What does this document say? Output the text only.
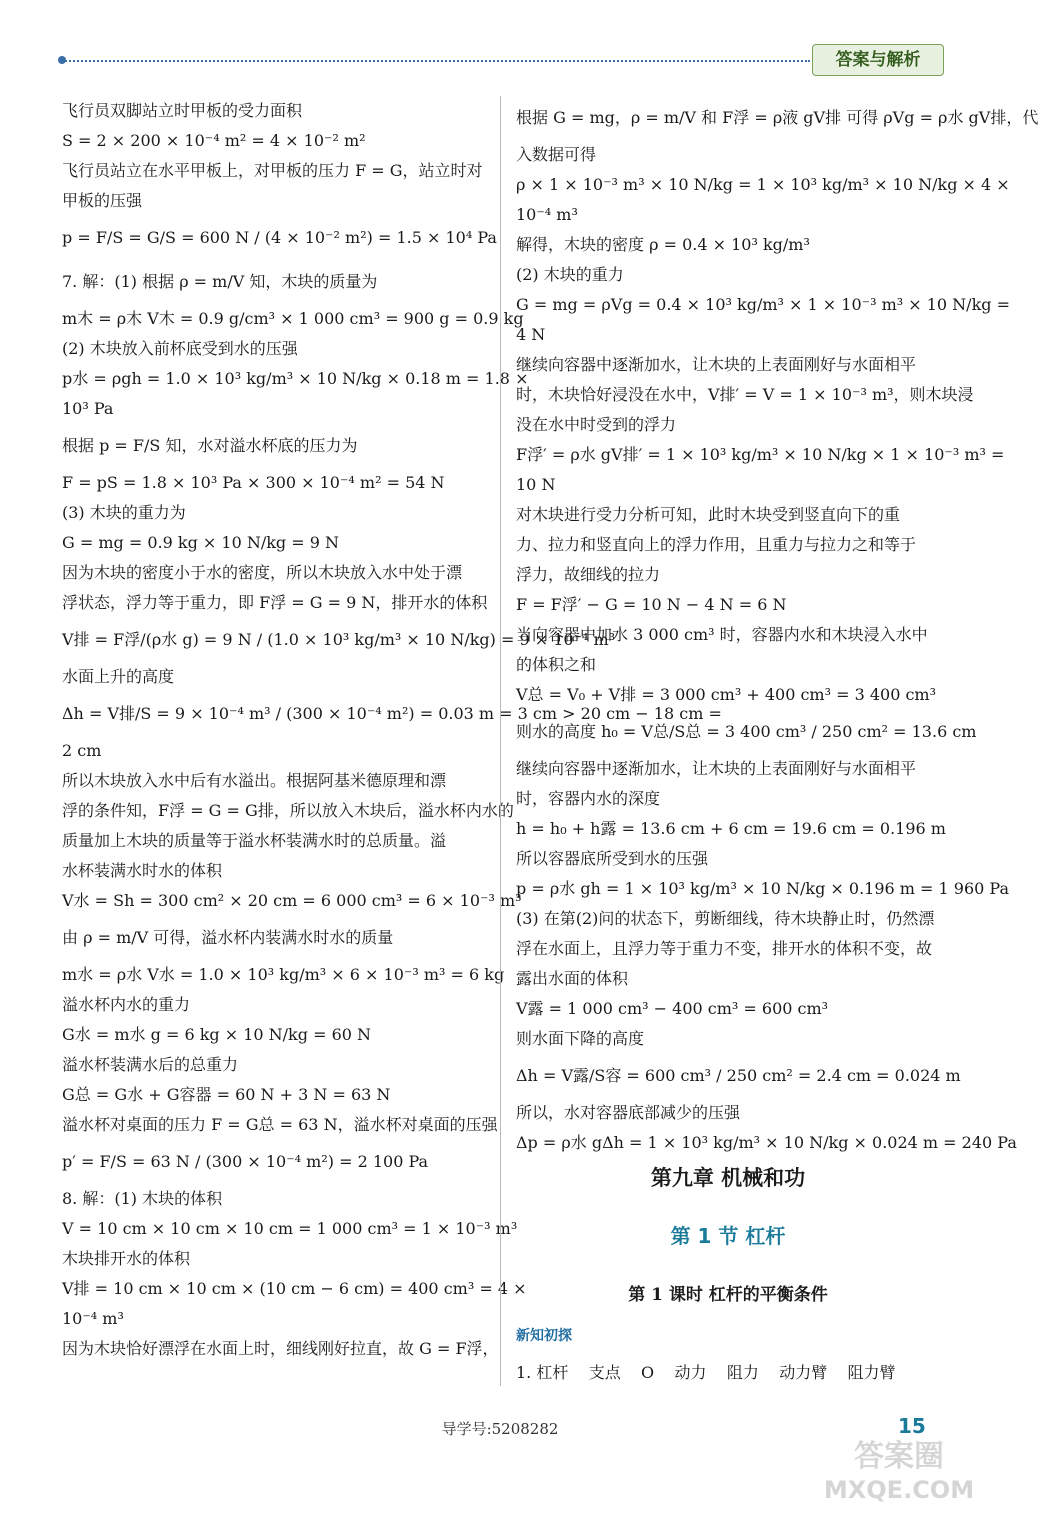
答案与解析
飞行员双脚站立时甲板的受力面积
S = 2 × 200 × 10⁻⁴ m² = 4 × 10⁻² m²
飞行员站立在水平甲板上，对甲板的压力 F = G，站立时对
甲板的压强
p = F/S = G/S = 600 N / (4 × 10⁻² m²) = 1.5 × 10⁴ Pa
7. 解：(1) 根据 ρ = m/V 知，木块的质量为
m木 = ρ木 V木 = 0.9 g/cm³ × 1 000 cm³ = 900 g = 0.9 kg
(2) 木块放入前杯底受到水的压强
p水 = ρgh = 1.0 × 10³ kg/m³ × 10 N/kg × 0.18 m = 1.8 ×
10³ Pa
根据 p = F/S 知，水对溢水杯底的压力为
F = pS = 1.8 × 10³ Pa × 300 × 10⁻⁴ m² = 54 N
(3) 木块的重力为
G = mg = 0.9 kg × 10 N/kg = 9 N
因为木块的密度小于水的密度，所以木块放入水中处于漂
浮状态，浮力等于重力，即 F浮 = G = 9 N，排开水的体积
V排 = F浮/(ρ水 g) = 9 N / (1.0 × 10³ kg/m³ × 10 N/kg) = 9 × 10⁻⁴ m³
水面上升的高度
Δh = V排/S = 9 × 10⁻⁴ m³ / (300 × 10⁻⁴ m²) = 0.03 m = 3 cm > 20 cm − 18 cm =
2 cm
所以木块放入水中后有水溢出。根据阿基米德原理和漂
浮的条件知，F浮 = G = G排，所以放入木块后，溢水杯内水的
质量加上木块的质量等于溢水杯装满水时的总质量。溢
水杯装满水时水的体积
V水 = Sh = 300 cm² × 20 cm = 6 000 cm³ = 6 × 10⁻³ m³
由 ρ = m/V 可得，溢水杯内装满水时水的质量
m水 = ρ水 V水 = 1.0 × 10³ kg/m³ × 6 × 10⁻³ m³ = 6 kg
溢水杯内水的重力
G水 = m水 g = 6 kg × 10 N/kg = 60 N
溢水杯装满水后的总重力
G总 = G水 + G容器 = 60 N + 3 N = 63 N
溢水杯对桌面的压力 F = G总 = 63 N，溢水杯对桌面的压强
p′ = F/S = 63 N / (300 × 10⁻⁴ m²) = 2 100 Pa
8. 解：(1) 木块的体积
V = 10 cm × 10 cm × 10 cm = 1 000 cm³ = 1 × 10⁻³ m³
木块排开水的体积
V排 = 10 cm × 10 cm × (10 cm − 6 cm) = 400 cm³ = 4 ×
10⁻⁴ m³
因为木块恰好漂浮在水面上时，细线刚好拉直，故 G = F浮，
根据 G = mg，ρ = m/V 和 F浮 = ρ液 gV排 可得 ρVg = ρ水 gV排，代
入数据可得
ρ × 1 × 10⁻³ m³ × 10 N/kg = 1 × 10³ kg/m³ × 10 N/kg × 4 ×
10⁻⁴ m³
解得，木块的密度 ρ = 0.4 × 10³ kg/m³
(2) 木块的重力
G = mg = ρVg = 0.4 × 10³ kg/m³ × 1 × 10⁻³ m³ × 10 N/kg =
4 N
继续向容器中逐渐加水，让木块的上表面刚好与水面相平
时，木块恰好浸没在水中，V排′ = V = 1 × 10⁻³ m³，则木块浸
没在水中时受到的浮力
F浮′ = ρ水 gV排′ = 1 × 10³ kg/m³ × 10 N/kg × 1 × 10⁻³ m³ =
10 N
对木块进行受力分析可知，此时木块受到竖直向下的重
力、拉力和竖直向上的浮力作用，且重力与拉力之和等于
浮力，故细线的拉力
F = F浮′ − G = 10 N − 4 N = 6 N
当向容器中加水 3 000 cm³ 时，容器内水和木块浸入水中
的体积之和
V总 = V₀ + V排 = 3 000 cm³ + 400 cm³ = 3 400 cm³
则水的高度 h₀ = V总/S总 = 3 400 cm³ / 250 cm² = 13.6 cm
继续向容器中逐渐加水，让木块的上表面刚好与水面相平
时，容器内水的深度
h = h₀ + h露 = 13.6 cm + 6 cm = 19.6 cm = 0.196 m
所以容器底所受到水的压强
p = ρ水 gh = 1 × 10³ kg/m³ × 10 N/kg × 0.196 m = 1 960 Pa
(3) 在第(2)问的状态下，剪断细线，待木块静止时，仍然漂
浮在水面上，且浮力等于重力不变，排开水的体积不变，故
露出水面的体积
V露 = 1 000 cm³ − 400 cm³ = 600 cm³
则水面下降的高度
Δh = V露/S容 = 600 cm³ / 250 cm² = 2.4 cm = 0.024 m
所以，水对容器底部减少的压强
Δp = ρ水 gΔh = 1 × 10³ kg/m³ × 10 N/kg × 0.024 m = 240 Pa
第九章 机械和功
第 1 节 杠杆
第 1 课时 杠杆的平衡条件
新知初探
1. 杠杆    支点    O    动力    阻力    动力臂    阻力臂
导学号:5208282	15
答案圈
MXQE.COM
